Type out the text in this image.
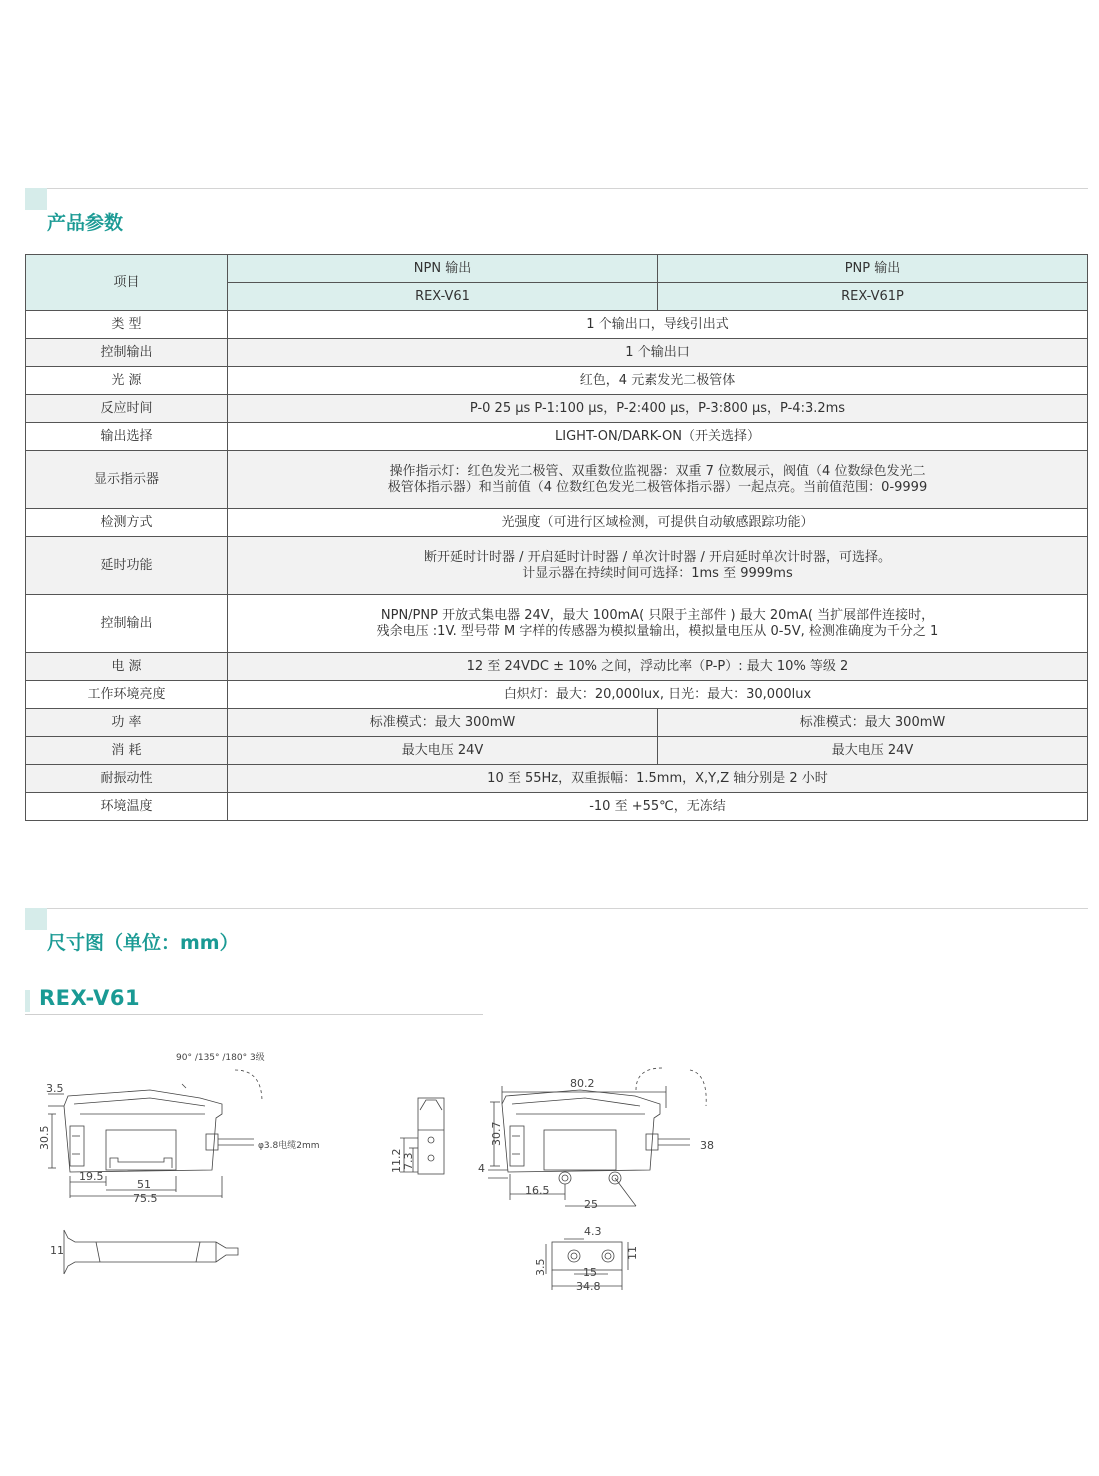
产品参数
项目	NPN 输出	PNP 输出
	REX-V61	REX-V61P
类 型	1 个输出口，导线引出式	
控制输出	1 个输出口	
光 源	红色，4 元素发光二极管体	
反应时间	P-0 25 μs P-1:100 μs，P-2:400 μs，P-3:800 μs，P-4:3.2ms	
输出选择	LIGHT-ON/DARK-ON（开关选择）	
显示指示器	操作指示灯：红色发光二极管、双重数位监视器：双重 7 位数展示，阀值（4 位数绿色发光二
极管体指示器）和当前值（4 位数红色发光二极管体指示器）一起点亮。当前值范围：0-9999	

检测方式	光强度（可进行区域检测，可提供自动敏感跟踪功能）	
延时功能	断开延时计时器 / 开启延时计时器 / 单次计时器 / 开启延时单次计时器，可选择。
计显示器在持续时间可选择：1ms 至 9999ms	

控制输出	NPN/PNP 开放式集电器 24V，最大 100mA( 只限于主部件 ) 最大 20mA( 当扩展部件连接时，
残余电压 :1V. 型号带 M 字样的传感器为模拟量输出，模拟量电压从 0-5V, 检测准确度为千分之 1	

电 源	12 至 24VDC ± 10% 之间，浮动比率（P-P）: 最大 10% 等级 2	
工作环境亮度	白炽灯：最大：20,000lux, 日光：最大：30,000lux	
功 率	标准模式：最大 300mW	标准模式：最大 300mW
消 耗	最大电压 24V	最大电压 24V
耐振动性	10 至 55Hz，双重振幅：1.5mm，X,Y,Z 轴分别是 2 小时	
环境温度	-10 至 +55℃，无冻结	
尺寸图（单位：mm）
REX-V61
90° /135° /180° 3级
φ3.8电缆2mm
3.5
30.5
19.5
51
75.5
11
11.2 7.3
80.2
30.7	38
4
16.5
25
4.3
3.5	15
34.8
11
